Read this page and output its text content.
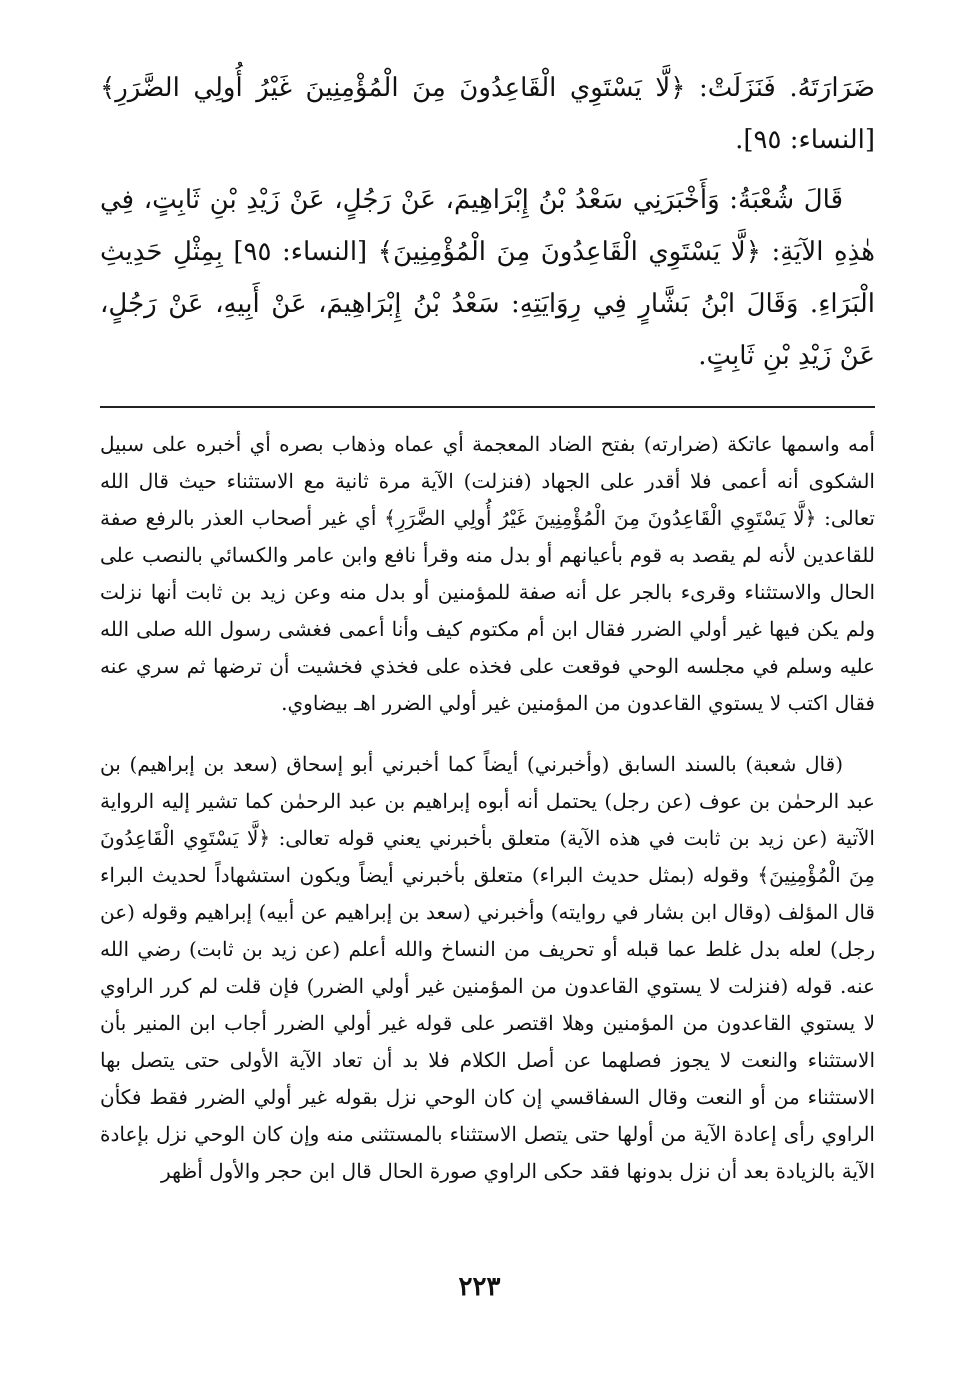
ضَرَارَتَهُ. فَنَزَلَتْ: ﴿لَّا يَسْتَوِي الْقَاعِدُونَ مِنَ الْمُؤْمِنِينَ غَيْرُ أُولِي الضَّرَرِ﴾ [النساء: ٩٥].

قَالَ شُعْبَةُ: وَأَخْبَرَنِي سَعْدُ بْنُ إِبْرَاهِيمَ، عَنْ رَجُلٍ، عَنْ زَيْدِ بْنِ ثَابِتٍ، فِي هٰذِهِ الآيَةِ: ﴿لَّا يَسْتَوِي الْقَاعِدُونَ مِنَ الْمُؤْمِنِينَ﴾ [النساء: ٩٥] بِمِثْلِ حَدِيثِ الْبَرَاءِ. وَقَالَ ابْنُ بَشَّارٍ فِي رِوَايَتِهِ: سَعْدُ بْنُ إِبْرَاهِيمَ، عَنْ أَبِيهِ، عَنْ رَجُلٍ، عَنْ زَيْدِ بْنِ ثَابِتٍ.

أمه واسمها عاتكة (ضرارته) بفتح الضاد المعجمة أي عماه وذهاب بصره أي أخبره على سبيل الشكوى أنه أعمى فلا أقدر على الجهاد (فنزلت) الآية مرة ثانية مع الاستثناء حيث قال الله تعالى: ﴿لَّا يَسْتَوِي الْقَاعِدُونَ مِنَ الْمُؤْمِنِينَ غَيْرُ أُولِي الضَّرَرِ﴾ أي غير أصحاب العذر بالرفع صفة للقاعدين لأنه لم يقصد به قوم بأعيانهم أو بدل منه وقرأ نافع وابن عامر والكسائي بالنصب على الحال والاستثناء وقرىء بالجر عل أنه صفة للمؤمنين أو بدل منه وعن زيد بن ثابت أنها نزلت ولم يكن فيها غير أولي الضرر فقال ابن أم مكتوم كيف وأنا أعمى فغشى رسول الله صلى الله عليه وسلم في مجلسه الوحي فوقعت على فخذه على فخذي فخشيت أن ترضها ثم سري عنه فقال اكتب لا يستوي القاعدون من المؤمنين غير أولي الضرر اهـ بيضاوي.

(قال شعبة) بالسند السابق (وأخبرني) أيضاً كما أخبرني أبو إسحاق (سعد بن إبراهيم) بن عبد الرحمٰن بن عوف (عن رجل) يحتمل أنه أبوه إبراهيم بن عبد الرحمٰن كما تشير إليه الرواية الآتية (عن زيد بن ثابت في هذه الآية) متعلق بأخبرني يعني قوله تعالى: ﴿لَّا يَسْتَوِي الْقَاعِدُونَ مِنَ الْمُؤْمِنِينَ﴾ وقوله (بمثل حديث البراء) متعلق بأخبرني أيضاً ويكون استشهاداً لحديث البراء قال المؤلف (وقال ابن بشار في روايته) وأخبرني (سعد بن إبراهيم عن أبيه) إبراهيم وقوله (عن رجل) لعله بدل غلط عما قبله أو تحريف من النساخ والله أعلم (عن زيد بن ثابت) رضي الله عنه. قوله (فنزلت لا يستوي القاعدون من المؤمنين غير أولي الضرر) فإن قلت لم كرر الراوي لا يستوي القاعدون من المؤمنين وهلا اقتصر على قوله غير أولي الضرر أجاب ابن المنير بأن الاستثناء والنعت لا يجوز فصلهما عن أصل الكلام فلا بد أن تعاد الآية الأولى حتى يتصل بها الاستثناء من أو النعت وقال السفاقسي إن كان الوحي نزل بقوله غير أولي الضرر فقط فكأن الراوي رأى إعادة الآية من أولها حتى يتصل الاستثناء بالمستثنى منه وإن كان الوحي نزل بإعادة الآية بالزيادة بعد أن نزل بدونها فقد حكى الراوي صورة الحال قال ابن حجر والأول أظهر

٢٢٣
